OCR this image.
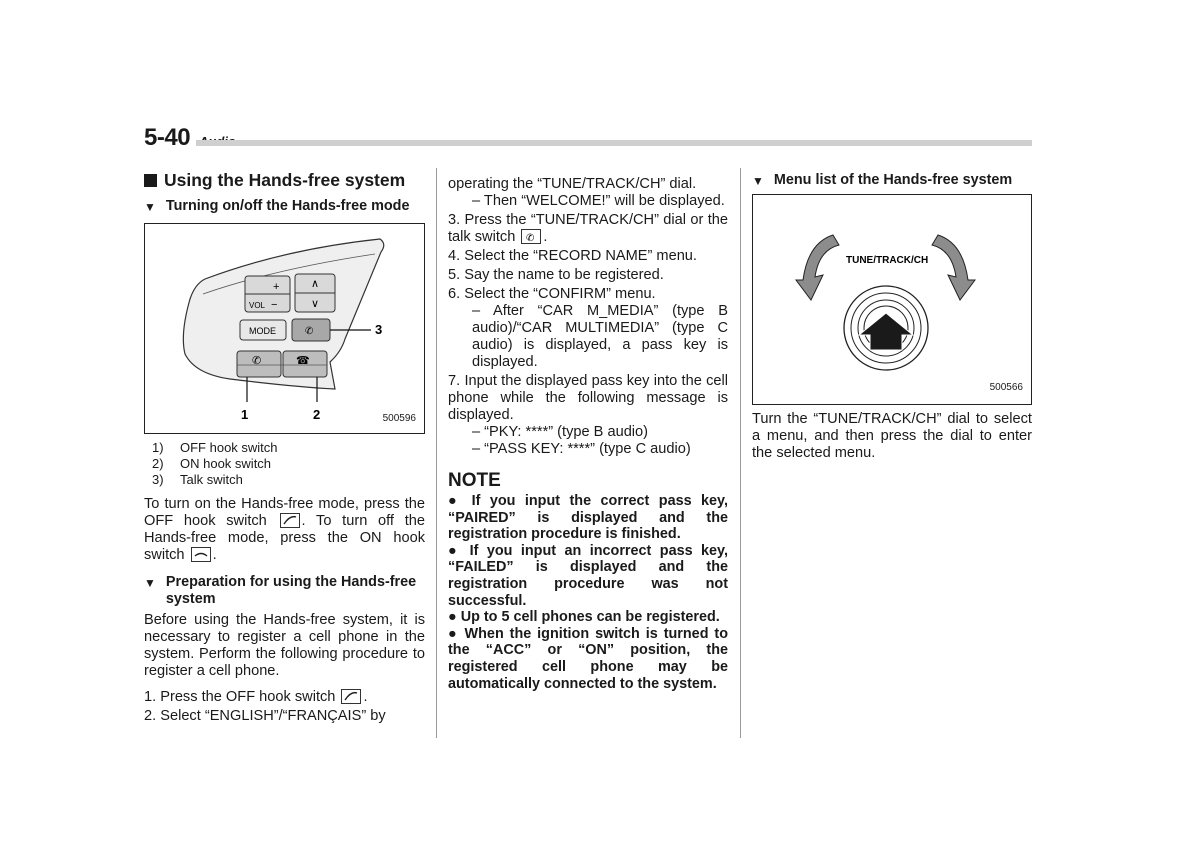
5-40
Using the Hands-free system
▼ Turning on/off the Hands-free mode
+
−
VOL
∧
∨
MODE	✆	3
✆	☎
1	2	500596
1)	OFF hook switch
2)	ON hook switch
3)	Talk switch

To turn on the Hands-free mode, press the OFF hook switch . To turn off the Hands-free mode, press the ON hook switch .

▼ Preparation for using the Hands-free system

Before using the Hands-free system, it is necessary to register a cell phone in the system. Perform the following procedure to register a cell phone.

1. Press the OFF hook switch .

2. Select “ENGLISH”/“FRANÇAIS” by

operating the “TUNE/TRACK/CH” dial.

– Then “WELCOME!” will be displayed.

3. Press the “TUNE/TRACK/CH” dial or the talk switch ✆ .

4. Select the “RECORD NAME” menu.

5. Say the name to be registered.

6. Select the “CONFIRM” menu.

– After “CAR M_MEDIA” (type B audio)/“CAR MULTIMEDIA” (type C audio) is displayed, a pass key is displayed.

7. Input the displayed pass key into the cell phone while the following message is displayed.

– “PKY: ****” (type B audio)

– “PASS KEY: ****” (type C audio)

NOTE

● If you input the correct pass key, “PAIRED” is displayed and the registration procedure is finished.

● If you input an incorrect pass key, “FAILED” is displayed and the registration procedure was not successful.

● Up to 5 cell phones can be registered.

● When the ignition switch is turned to the “ACC” or “ON” position, the registered cell phone may be automatically connected to the system.

▼ Menu list of the Hands-free system
TUNE/TRACK/CH
500566

Turn the “TUNE/TRACK/CH” dial to select a menu, and then press the dial to enter the selected menu.
